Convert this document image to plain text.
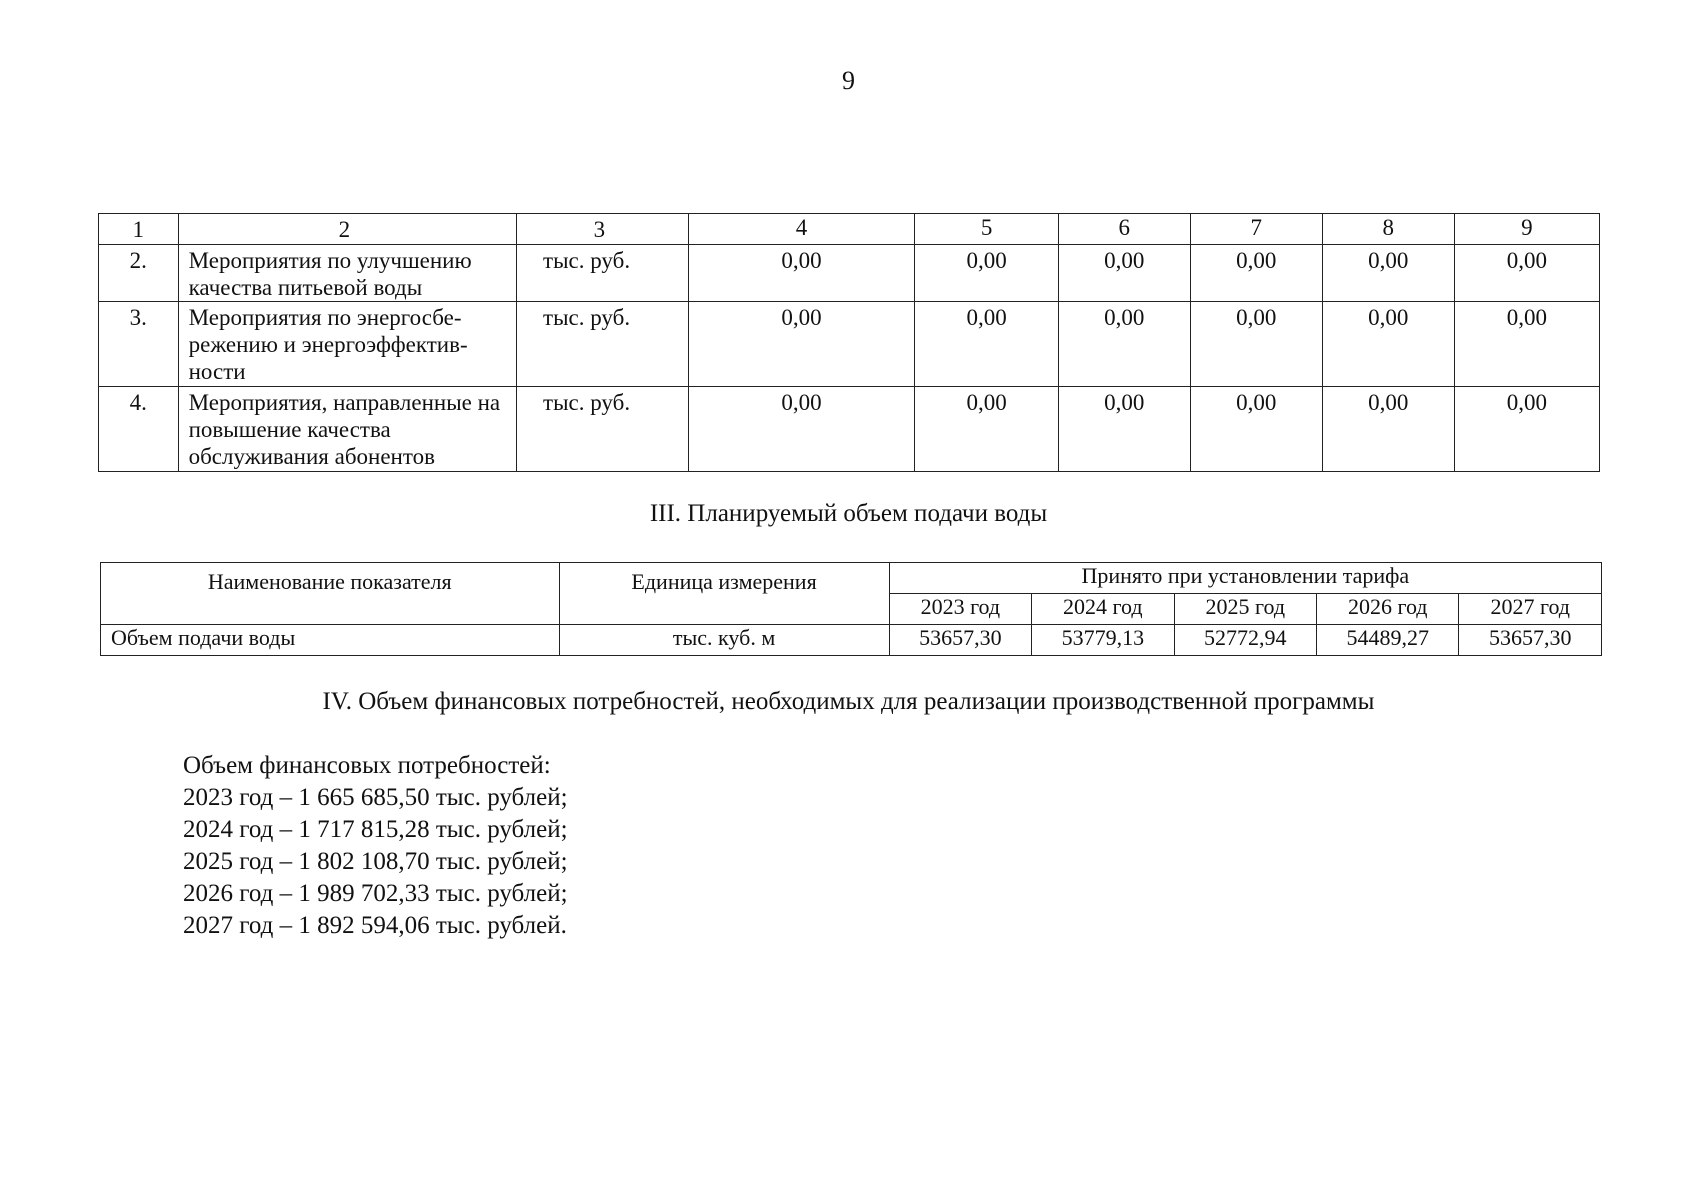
9
1	2	3	4	5	6	7	8	9
2.	Мероприятия по улучшению качества питьевой воды	тыс. руб.	0,00	0,00	0,00	0,00	0,00	0,00
3.	Мероприятия по энергосбе-режению и энергоэффектив-ности	тыс. руб.	0,00	0,00	0,00	0,00	0,00	0,00
4.	Мероприятия, направленные на повышение качества обслуживания абонентов	тыс. руб.	0,00	0,00	0,00	0,00	0,00	0,00
III. Планируемый объем подачи воды
Наименование показателя	Единица измерения	Принято при установлении тарифа				
		2023 год	2024 год	2025 год	2026 год	2027 год
Объем подачи воды	тыс. куб. м	53657,30	53779,13	52772,94	54489,27	53657,30
IV. Объем финансовых потребностей, необходимых для реализации производственной программы
Объем финансовых потребностей:
2023 год – 1 665 685,50 тыс. рублей;
2024 год – 1 717 815,28 тыс. рублей;
2025 год – 1 802 108,70 тыс. рублей;
2026 год – 1 989 702,33 тыс. рублей;
2027 год – 1 892 594,06 тыс. рублей.
